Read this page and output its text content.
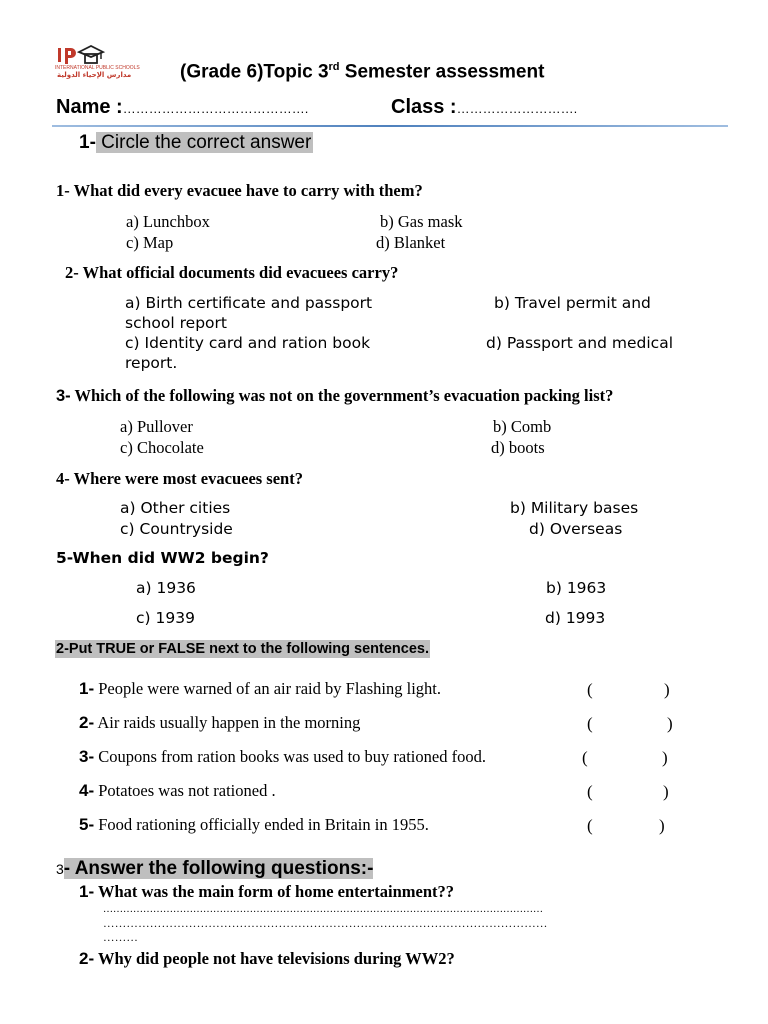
INTERNATIONAL PUBLIC SCHOOLS
مدارس الإحياء الدولية	(Grade 6)Topic 3rd Semester assessment
Name :…………………………………….	Class :……………………….
1- Circle the correct answer
1- What did every evacuee have to carry with them?
a) Lunchbox	b) Gas mask
c) Map	d) Blanket
2- What official documents did evacuees carry?
a) Birth certificate and passport	b) Travel permit and
school report
c) Identity card and ration book	d) Passport and medical
report.
3- Which of the following was not on the government’s evacuation packing list?
a) Pullover	b) Comb
c) Chocolate	d) boots
4- Where were most evacuees sent?
a) Other cities	b) Military bases
c) Countryside	d) Overseas
5-When did WW2 begin?
a) 1936	b) 1963
c) 1939	d) 1993
2-Put TRUE or FALSE next to the following sentences.
1- People were warned of an air raid by Flashing light.	(	)
2- Air raids usually happen in the morning	(	)
3- Coupons from ration books was used to buy rationed food.	(	)
4- Potatoes was not rationed .	(	)
5- Food rationing officially ended in Britain in 1955.	(	)
3- Answer the following questions:-
1- What was the main form of home entertainment??
……………………………………………………………………………………………………………………
……………………………………………………………………………………………………
………
2- Why did people not have televisions during WW2?
